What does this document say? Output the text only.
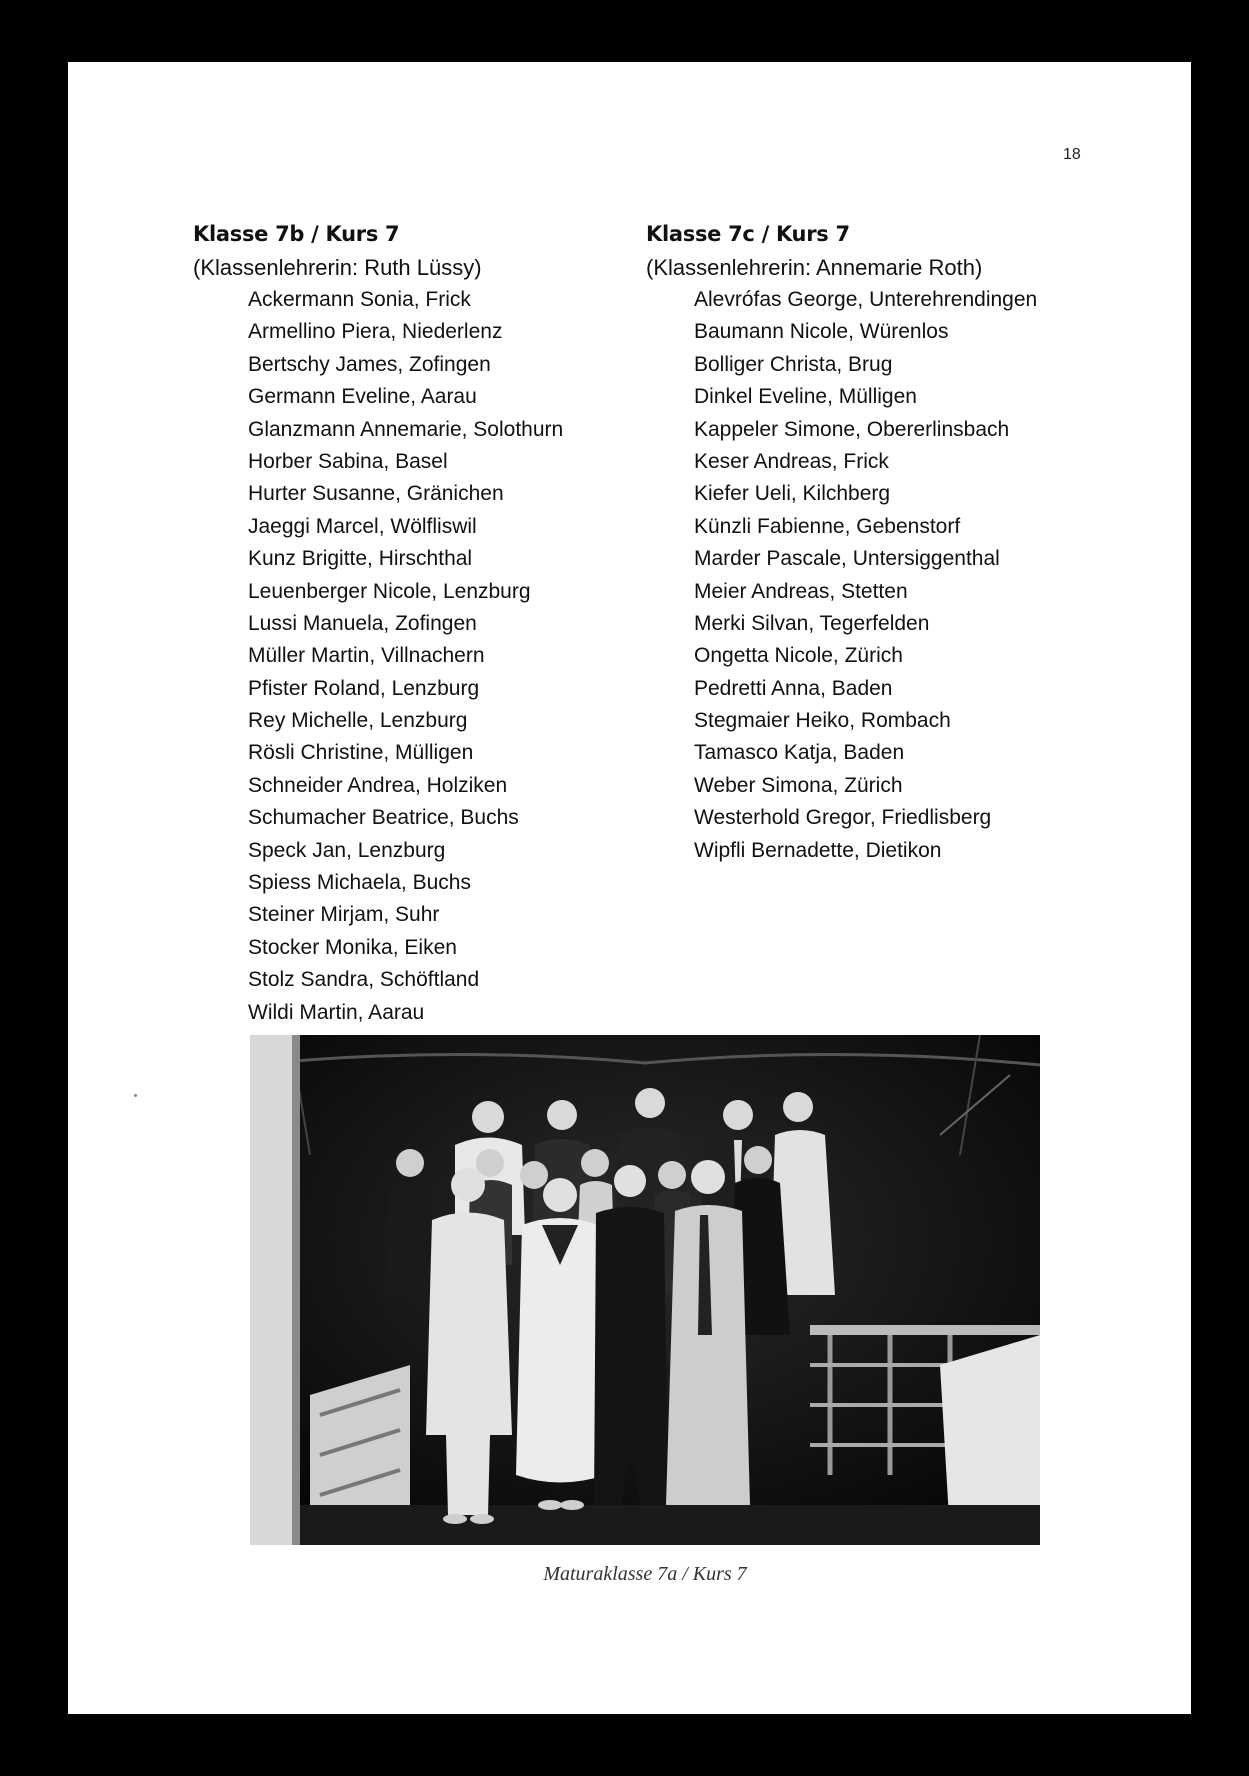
18
Klasse 7b / Kurs 7
(Klassenlehrerin: Ruth Lüssy)
Ackermann Sonia, Frick
Armellino Piera, Niederlenz
Bertschy James, Zofingen
Germann Eveline, Aarau
Glanzmann Annemarie, Solothurn
Horber Sabina, Basel
Hurter Susanne, Gränichen
Jaeggi Marcel, Wölfliswil
Kunz Brigitte, Hirschthal
Leuenberger Nicole, Lenzburg
Lussi Manuela, Zofingen
Müller Martin, Villnachern
Pfister Roland, Lenzburg
Rey Michelle, Lenzburg
Rösli Christine, Mülligen
Schneider Andrea, Holziken
Schumacher Beatrice, Buchs
Speck Jan, Lenzburg
Spiess Michaela, Buchs
Steiner Mirjam, Suhr
Stocker Monika, Eiken
Stolz Sandra, Schöftland
Wildi Martin, Aarau
Klasse 7c / Kurs 7
(Klassenlehrerin: Annemarie Roth)
Alevrófas George, Unterehrendingen
Baumann Nicole, Würenlos
Bolliger Christa, Brug
Dinkel Eveline, Mülligen
Kappeler Simone, Obererlinsbach
Keser Andreas, Frick
Kiefer Ueli, Kilchberg
Künzli Fabienne, Gebenstorf
Marder Pascale, Untersiggenthal
Meier Andreas, Stetten
Merki Silvan, Tegerfelden
Ongetta Nicole, Zürich
Pedretti Anna, Baden
Stegmaier Heiko, Rombach
Tamasco Katja, Baden
Weber Simona, Zürich
Westerhold Gregor, Friedlisberg
Wipfli Bernadette, Dietikon
Maturaklasse 7a / Kurs 7
